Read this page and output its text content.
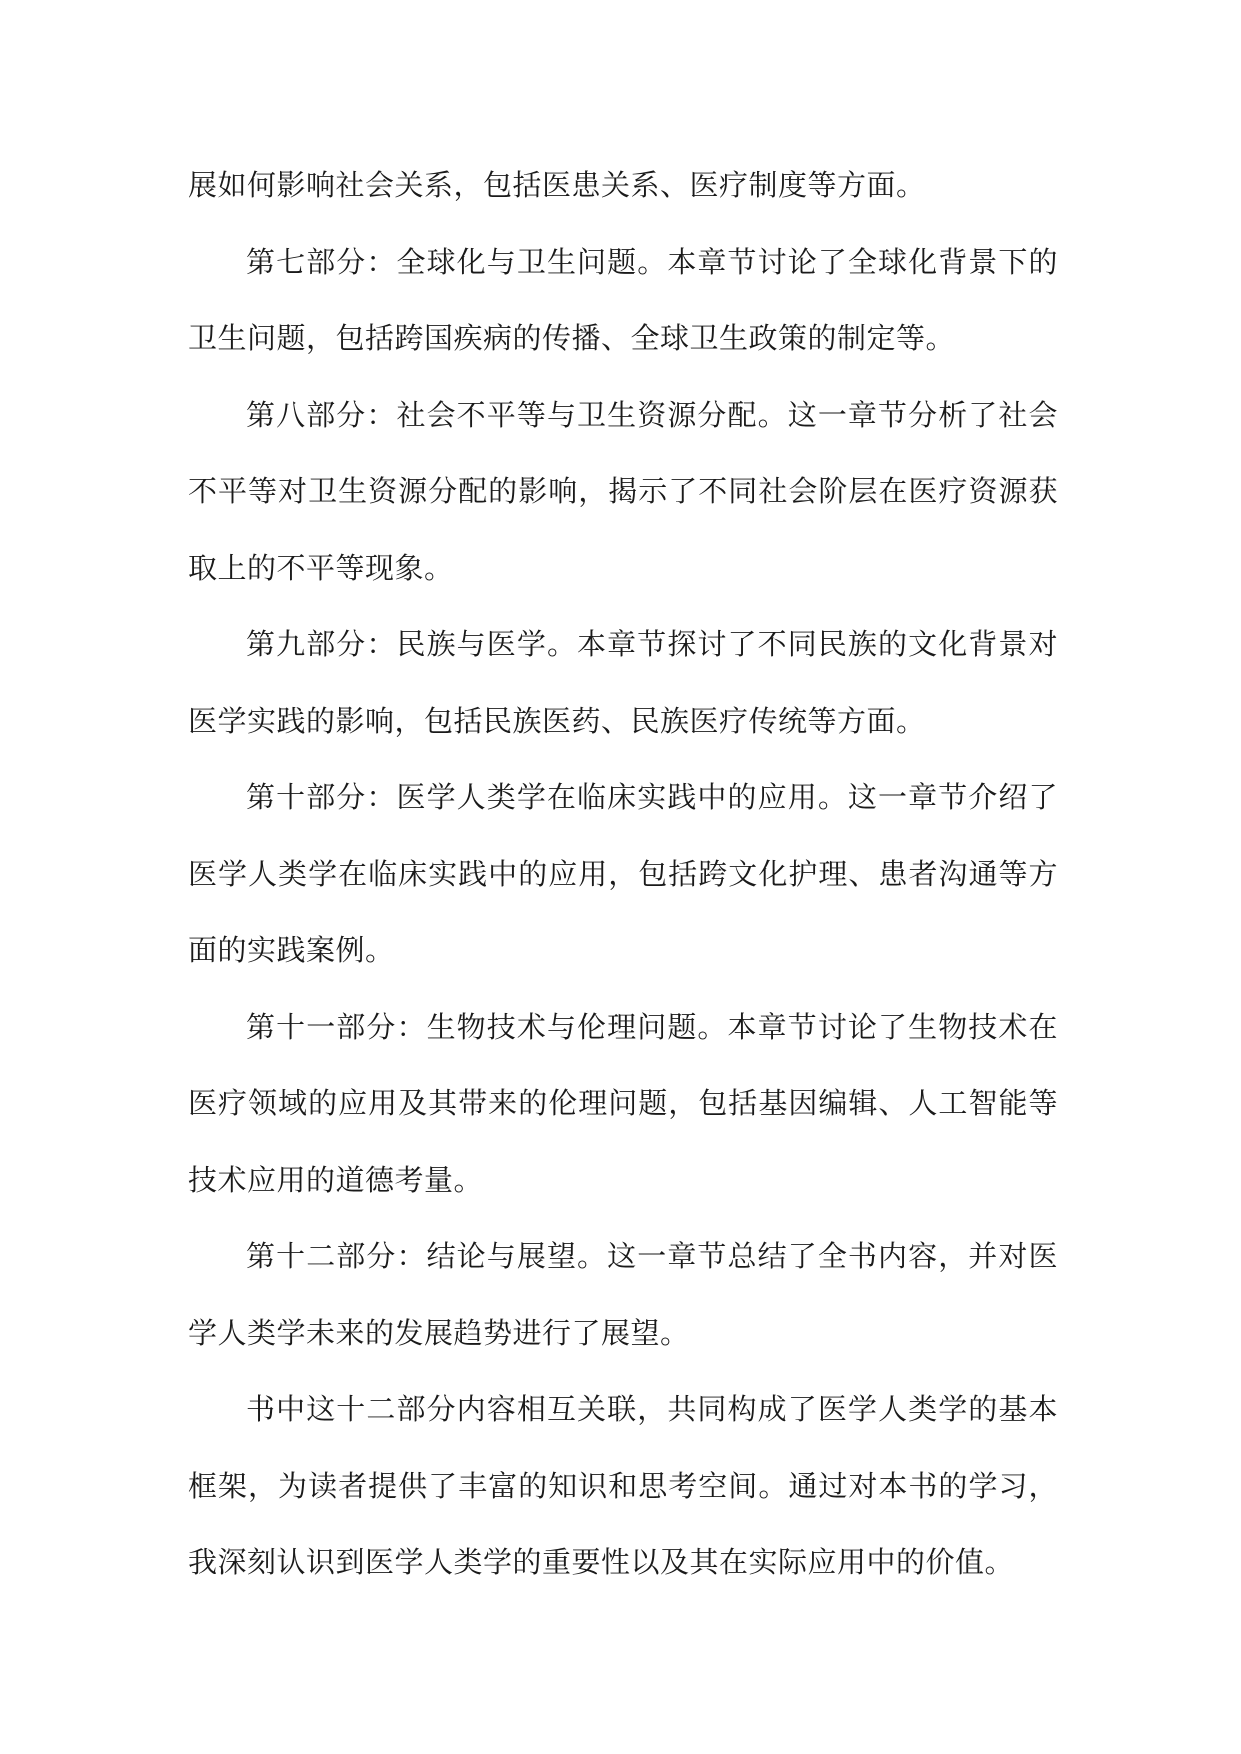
展如何影响社会关系，包括医患关系、医疗制度等方面。

第七部分：全球化与卫生问题。本章节讨论了全球化背景下的卫生问题，包括跨国疾病的传播、全球卫生政策的制定等。

第八部分：社会不平等与卫生资源分配。这一章节分析了社会不平等对卫生资源分配的影响，揭示了不同社会阶层在医疗资源获取上的不平等现象。

第九部分：民族与医学。本章节探讨了不同民族的文化背景对医学实践的影响，包括民族医药、民族医疗传统等方面。

第十部分：医学人类学在临床实践中的应用。这一章节介绍了医学人类学在临床实践中的应用，包括跨文化护理、患者沟通等方面的实践案例。

第十一部分：生物技术与伦理问题。本章节讨论了生物技术在医疗领域的应用及其带来的伦理问题，包括基因编辑、人工智能等技术应用的道德考量。

第十二部分：结论与展望。这一章节总结了全书内容，并对医学人类学未来的发展趋势进行了展望。

书中这十二部分内容相互关联，共同构成了医学人类学的基本框架，为读者提供了丰富的知识和思考空间。通过对本书的学习，我深刻认识到医学人类学的重要性以及其在实际应用中的价值。
